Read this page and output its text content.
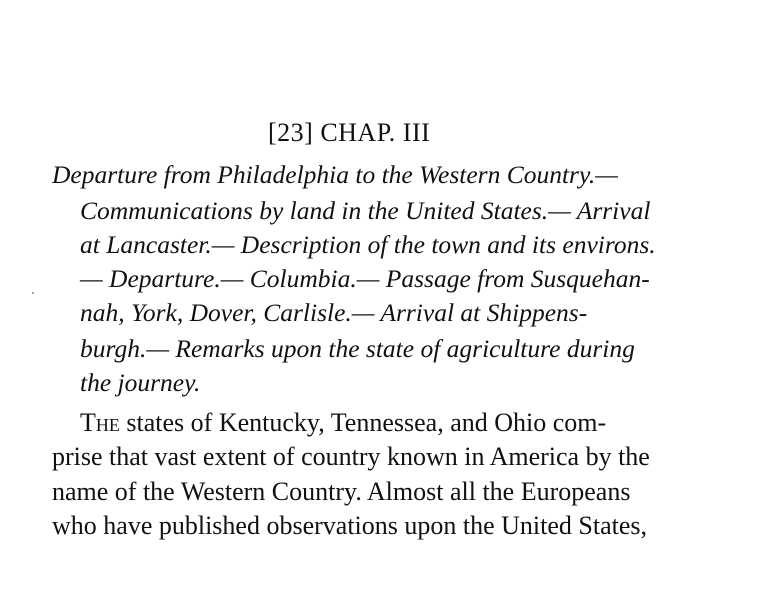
[23] CHAP. III
Departure from Philadelphia to the Western Country.—
Communications by land in the United States.— Arrival
at Lancaster.— Description of the town and its environs.
— Departure.— Columbia.— Passage from Susquehan-
nah, York, Dover, Carlisle.— Arrival at Shippens-
burgh.— Remarks upon the state of agriculture during
the journey.
The states of Kentucky, Tennessea, and Ohio com-
prise that vast extent of country known in America by the
name of the Western Country. Almost all the Europeans
who have published observations upon the United States,
